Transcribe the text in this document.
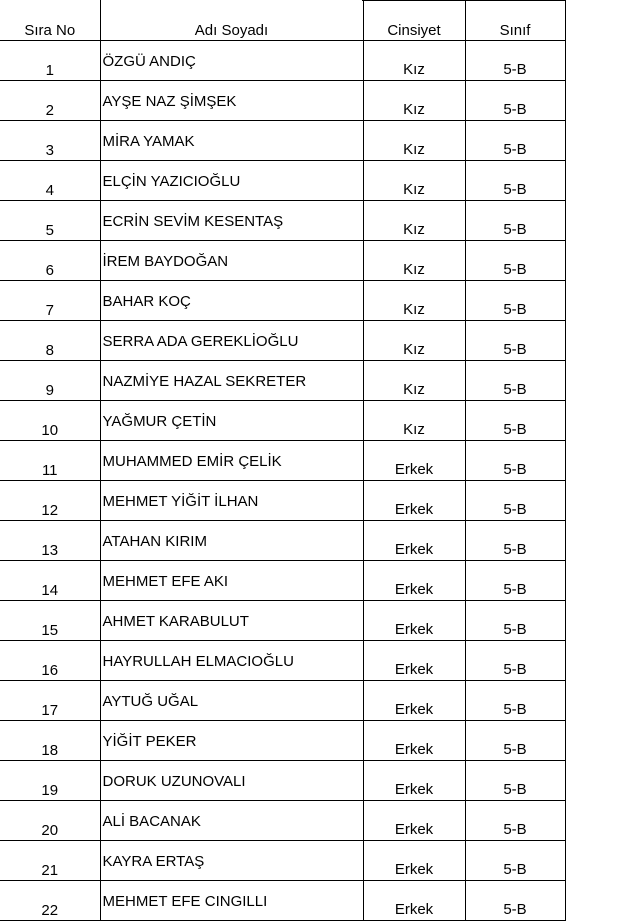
Sıra No	Adı Soyadı	Cinsiyet	Sınıf
1	ÖZGÜ ANDIÇ	Kız	5-B
2	AYŞE NAZ ŞİMŞEK	Kız	5-B
3	MİRA YAMAK	Kız	5-B
4	ELÇİN YAZICIOĞLU	Kız	5-B
5	ECRİN SEVİM KESENTAŞ	Kız	5-B
6	İREM BAYDOĞAN	Kız	5-B
7	BAHAR KOÇ	Kız	5-B
8	SERRA ADA GEREKLİOĞLU	Kız	5-B
9	NAZMİYE HAZAL SEKRETER	Kız	5-B
10	YAĞMUR ÇETİN	Kız	5-B
11	MUHAMMED EMİR ÇELİK	Erkek	5-B
12	MEHMET YİĞİT İLHAN	Erkek	5-B
13	ATAHAN KIRIM	Erkek	5-B
14	MEHMET EFE AKI	Erkek	5-B
15	AHMET KARABULUT	Erkek	5-B
16	HAYRULLAH ELMACIOĞLU	Erkek	5-B
17	AYTUĞ UĞAL	Erkek	5-B
18	YİĞİT PEKER	Erkek	5-B
19	DORUK UZUNOVALI	Erkek	5-B
20	ALİ BACANAK	Erkek	5-B
21	KAYRA ERTAŞ	Erkek	5-B
22	MEHMET EFE CINGILLI	Erkek	5-B
